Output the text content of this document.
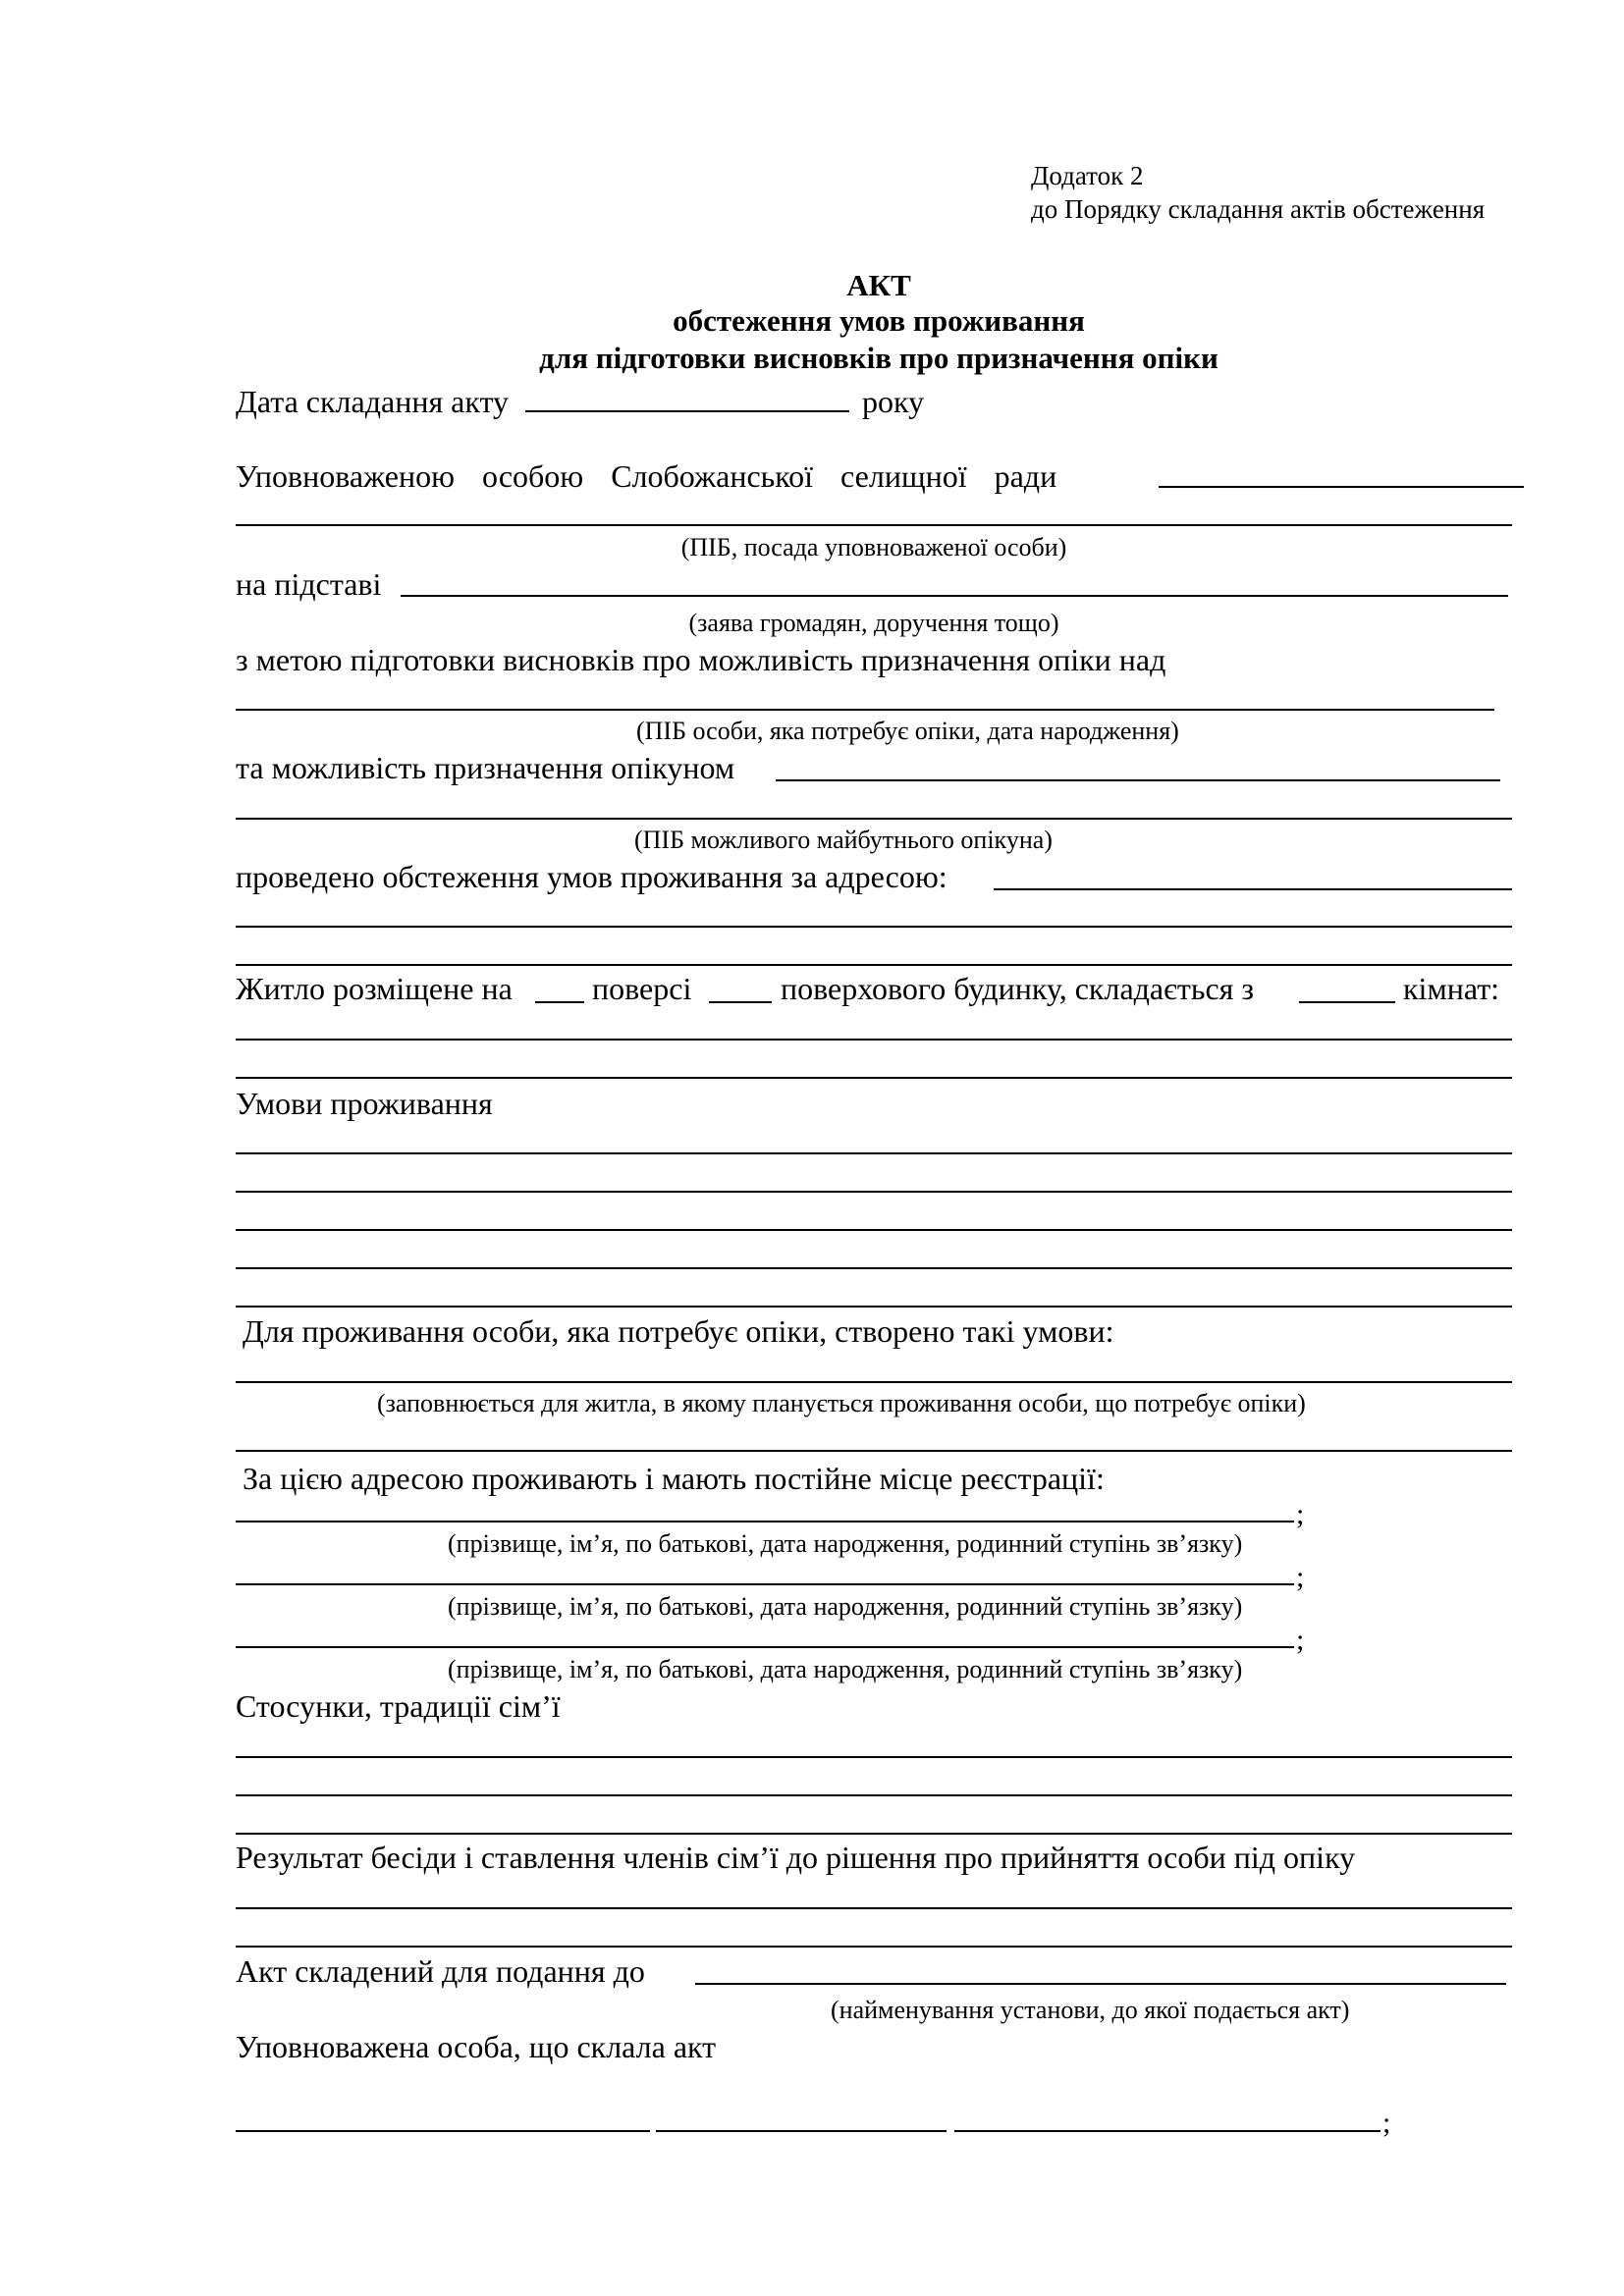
Додаток 2
до Порядку складання актів обстеження
АКТ
обстеження умов проживання
для підготовки висновків про призначення опіки
Дата складання акту	року
Уповноваженою особою Слобожанської селищної ради
(ПІБ, посада уповноваженої особи)
на підставі
(заява громадян, доручення тощо)
з метою підготовки висновків про можливість призначення опіки над
(ПІБ особи, яка потребує опіки, дата народження)
та можливість призначення опікуном
(ПІБ можливого майбутнього опікуна)
проведено обстеження умов проживання за адресою:
Житло розміщене на	поверсі	поверхового будинку, складається з	кімнат:
Умови проживання
Для проживання особи, яка потребує опіки, створено такі умови:
(заповнюється для житла, в якому планується проживання особи, що потребує опіки)
За цією адресою проживають і мають постійне місце реєстрації:
;
(прізвище, ім’я, по батькові, дата народження, родинний ступінь зв’язку)
;
(прізвище, ім’я, по батькові, дата народження, родинний ступінь зв’язку)
;
(прізвище, ім’я, по батькові, дата народження, родинний ступінь зв’язку)
Стосунки, традиції сім’ї
Результат бесіди і ставлення членів сім’ї до рішення про прийняття особи під опіку
Акт складений для подання до
(найменування установи, до якої подається акт)
Уповноважена особа, що склала акт
;
